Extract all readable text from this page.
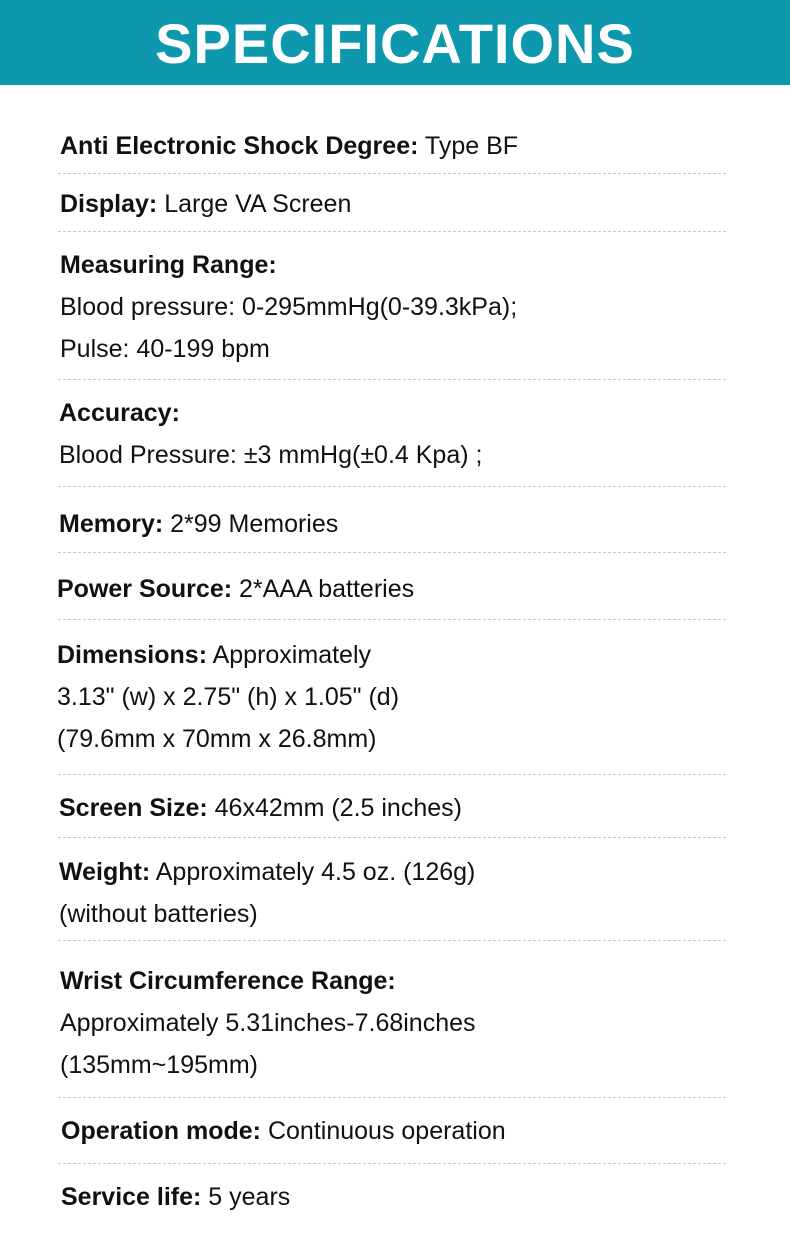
SPECIFICATIONS
Anti Electronic Shock Degree: Type BF
Display: Large VA Screen
Measuring Range:
Blood pressure: 0-295mmHg(0-39.3kPa);
Pulse: 40-199 bpm
Accuracy:
Blood Pressure: ±3 mmHg(±0.4 Kpa) ;
Memory: 2*99 Memories
Power Source: 2*AAA batteries
Dimensions: Approximately
3.13" (w) x 2.75" (h) x 1.05" (d)
(79.6mm x 70mm x 26.8mm)
Screen Size: 46x42mm (2.5 inches)
Weight: Approximately 4.5 oz. (126g)
(without batteries)
Wrist Circumference Range:
Approximately 5.31inches-7.68inches
(135mm~195mm)
Operation mode: Continuous operation
Service life: 5 years
